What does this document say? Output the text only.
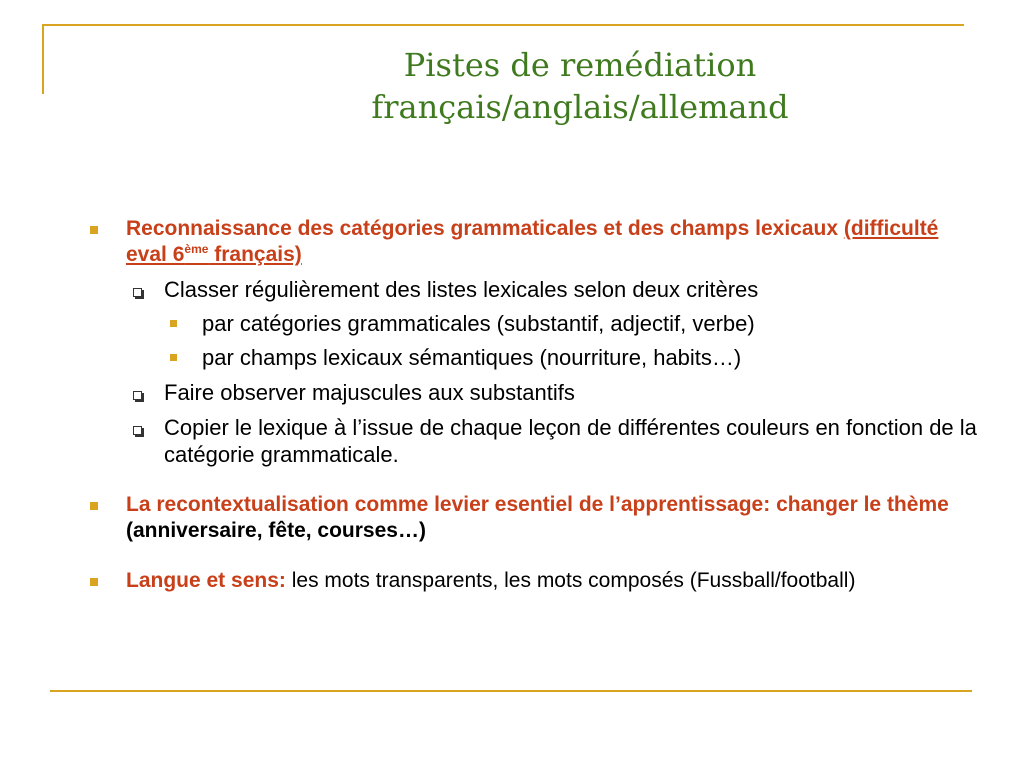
Pistes de remédiation
français/anglais/allemand
Reconnaissance des catégories grammaticales et des champs lexicaux (difficulté eval 6ème français)
Classer régulièrement des listes lexicales selon deux critères
par catégories grammaticales (substantif, adjectif, verbe)
par champs lexicaux sémantiques (nourriture, habits…)
Faire observer majuscules aux substantifs
Copier le lexique à l’issue de chaque leçon de différentes couleurs en fonction de la catégorie grammaticale.
La recontextualisation comme levier esentiel de l’apprentissage: changer le thème (anniversaire, fête, courses…)
Langue et sens: les mots transparents, les mots composés (Fussball/football)
